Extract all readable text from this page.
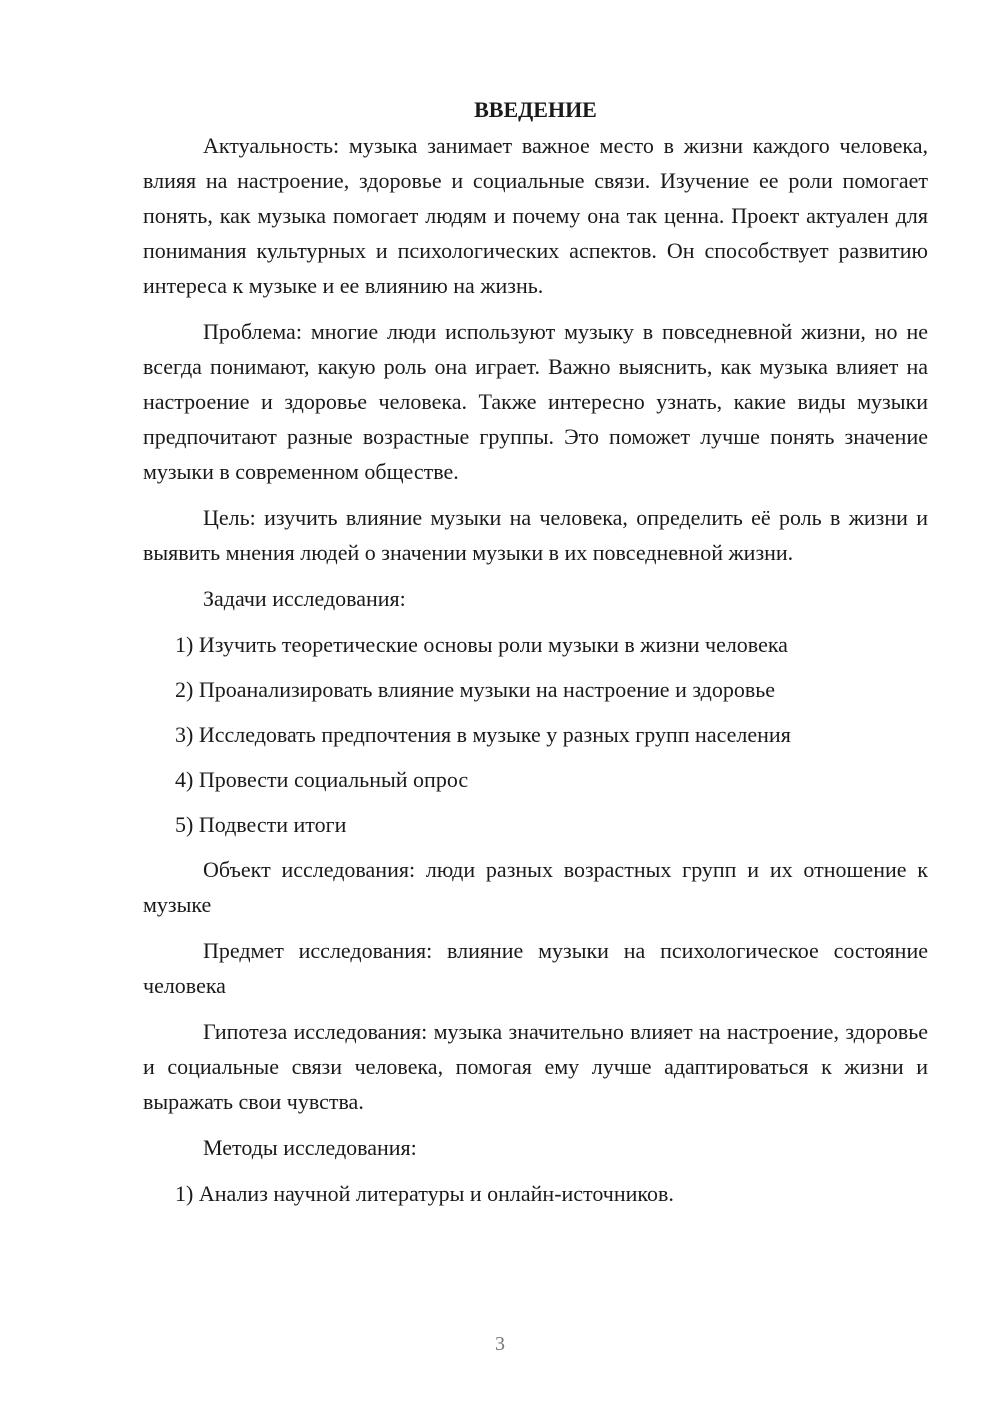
ВВЕДЕНИЕ

Актуальность: музыка занимает важное место в жизни каждого человека, влияя на настроение, здоровье и социальные связи. Изучение ее роли помогает понять, как музыка помогает людям и почему она так ценна. Проект актуален для понимания культурных и психологических аспектов. Он способствует развитию интереса к музыке и ее влиянию на жизнь.

Проблема: многие люди используют музыку в повседневной жизни, но не всегда понимают, какую роль она играет. Важно выяснить, как музыка влияет на настроение и здоровье человека. Также интересно узнать, какие виды музыки предпочитают разные возрастные группы. Это поможет лучше понять значение музыки в современном обществе.

Цель: изучить влияние музыки на человека, определить её роль в жизни и выявить мнения людей о значении музыки в их повседневной жизни.

Задачи исследования:

1) Изучить теоретические основы роли музыки в жизни человека

2) Проанализировать влияние музыки на настроение и здоровье

3) Исследовать предпочтения в музыке у разных групп населения

4) Провести социальный опрос

5) Подвести итоги

Объект исследования: люди разных возрастных групп и их отношение к музыке

Предмет исследования: влияние музыки на психологическое состояние человека

Гипотеза исследования: музыка значительно влияет на настроение, здоровье и социальные связи человека, помогая ему лучше адаптироваться к жизни и выражать свои чувства.

Методы исследования:

1) Анализ научной литературы и онлайн-источников.

3
